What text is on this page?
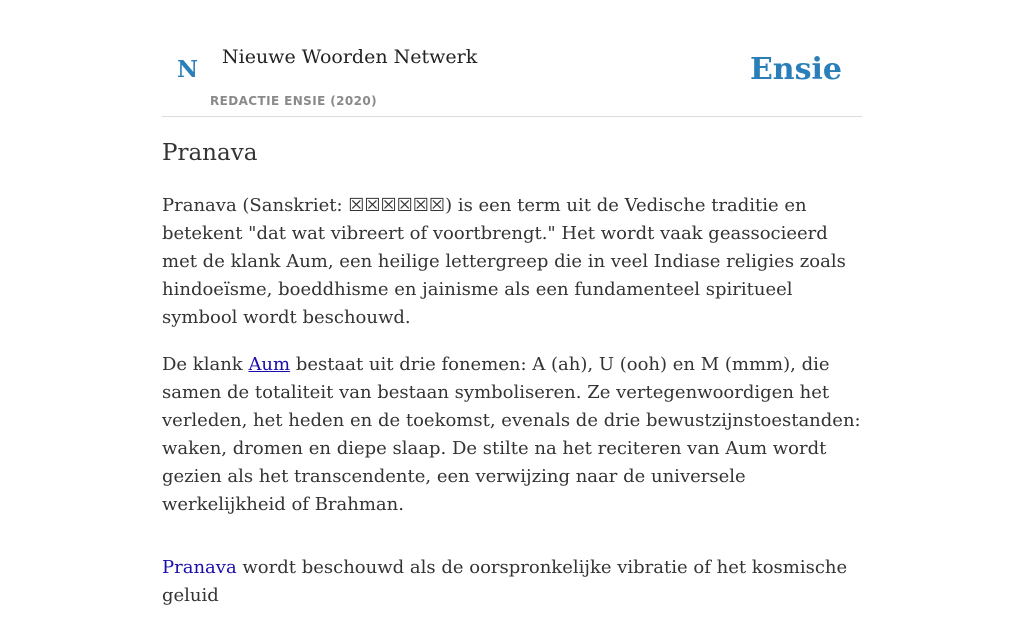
N Nieuwe Woorden Netwerk
REDACTIE ENSIE (2020)
Ensie
Pranava

Pranava (Sanskriet: ☒☒☒☒☒☒) is een term uit de Vedische traditie en betekent "dat wat vibreert of voortbrengt." Het wordt vaak geassocieerd met de klank Aum, een heilige lettergreep die in veel Indiase religies zoals hindoeïsme, boeddhisme en jainisme als een fundamenteel spiritueel symbool wordt beschouwd.

De klank Aum bestaat uit drie fonemen: A (ah), U (ooh) en M (mmm), die samen de totaliteit van bestaan symboliseren. Ze vertegenwoordigen het verleden, het heden en de toekomst, evenals de drie bewustzijnstoestanden: waken, dromen en diepe slaap. De stilte na het reciteren van Aum wordt gezien als het transcendente, een verwijzing naar de universele werkelijkheid of Brahman.

Pranava wordt beschouwd als de oorspronkelijke vibratie of het kosmische geluid
